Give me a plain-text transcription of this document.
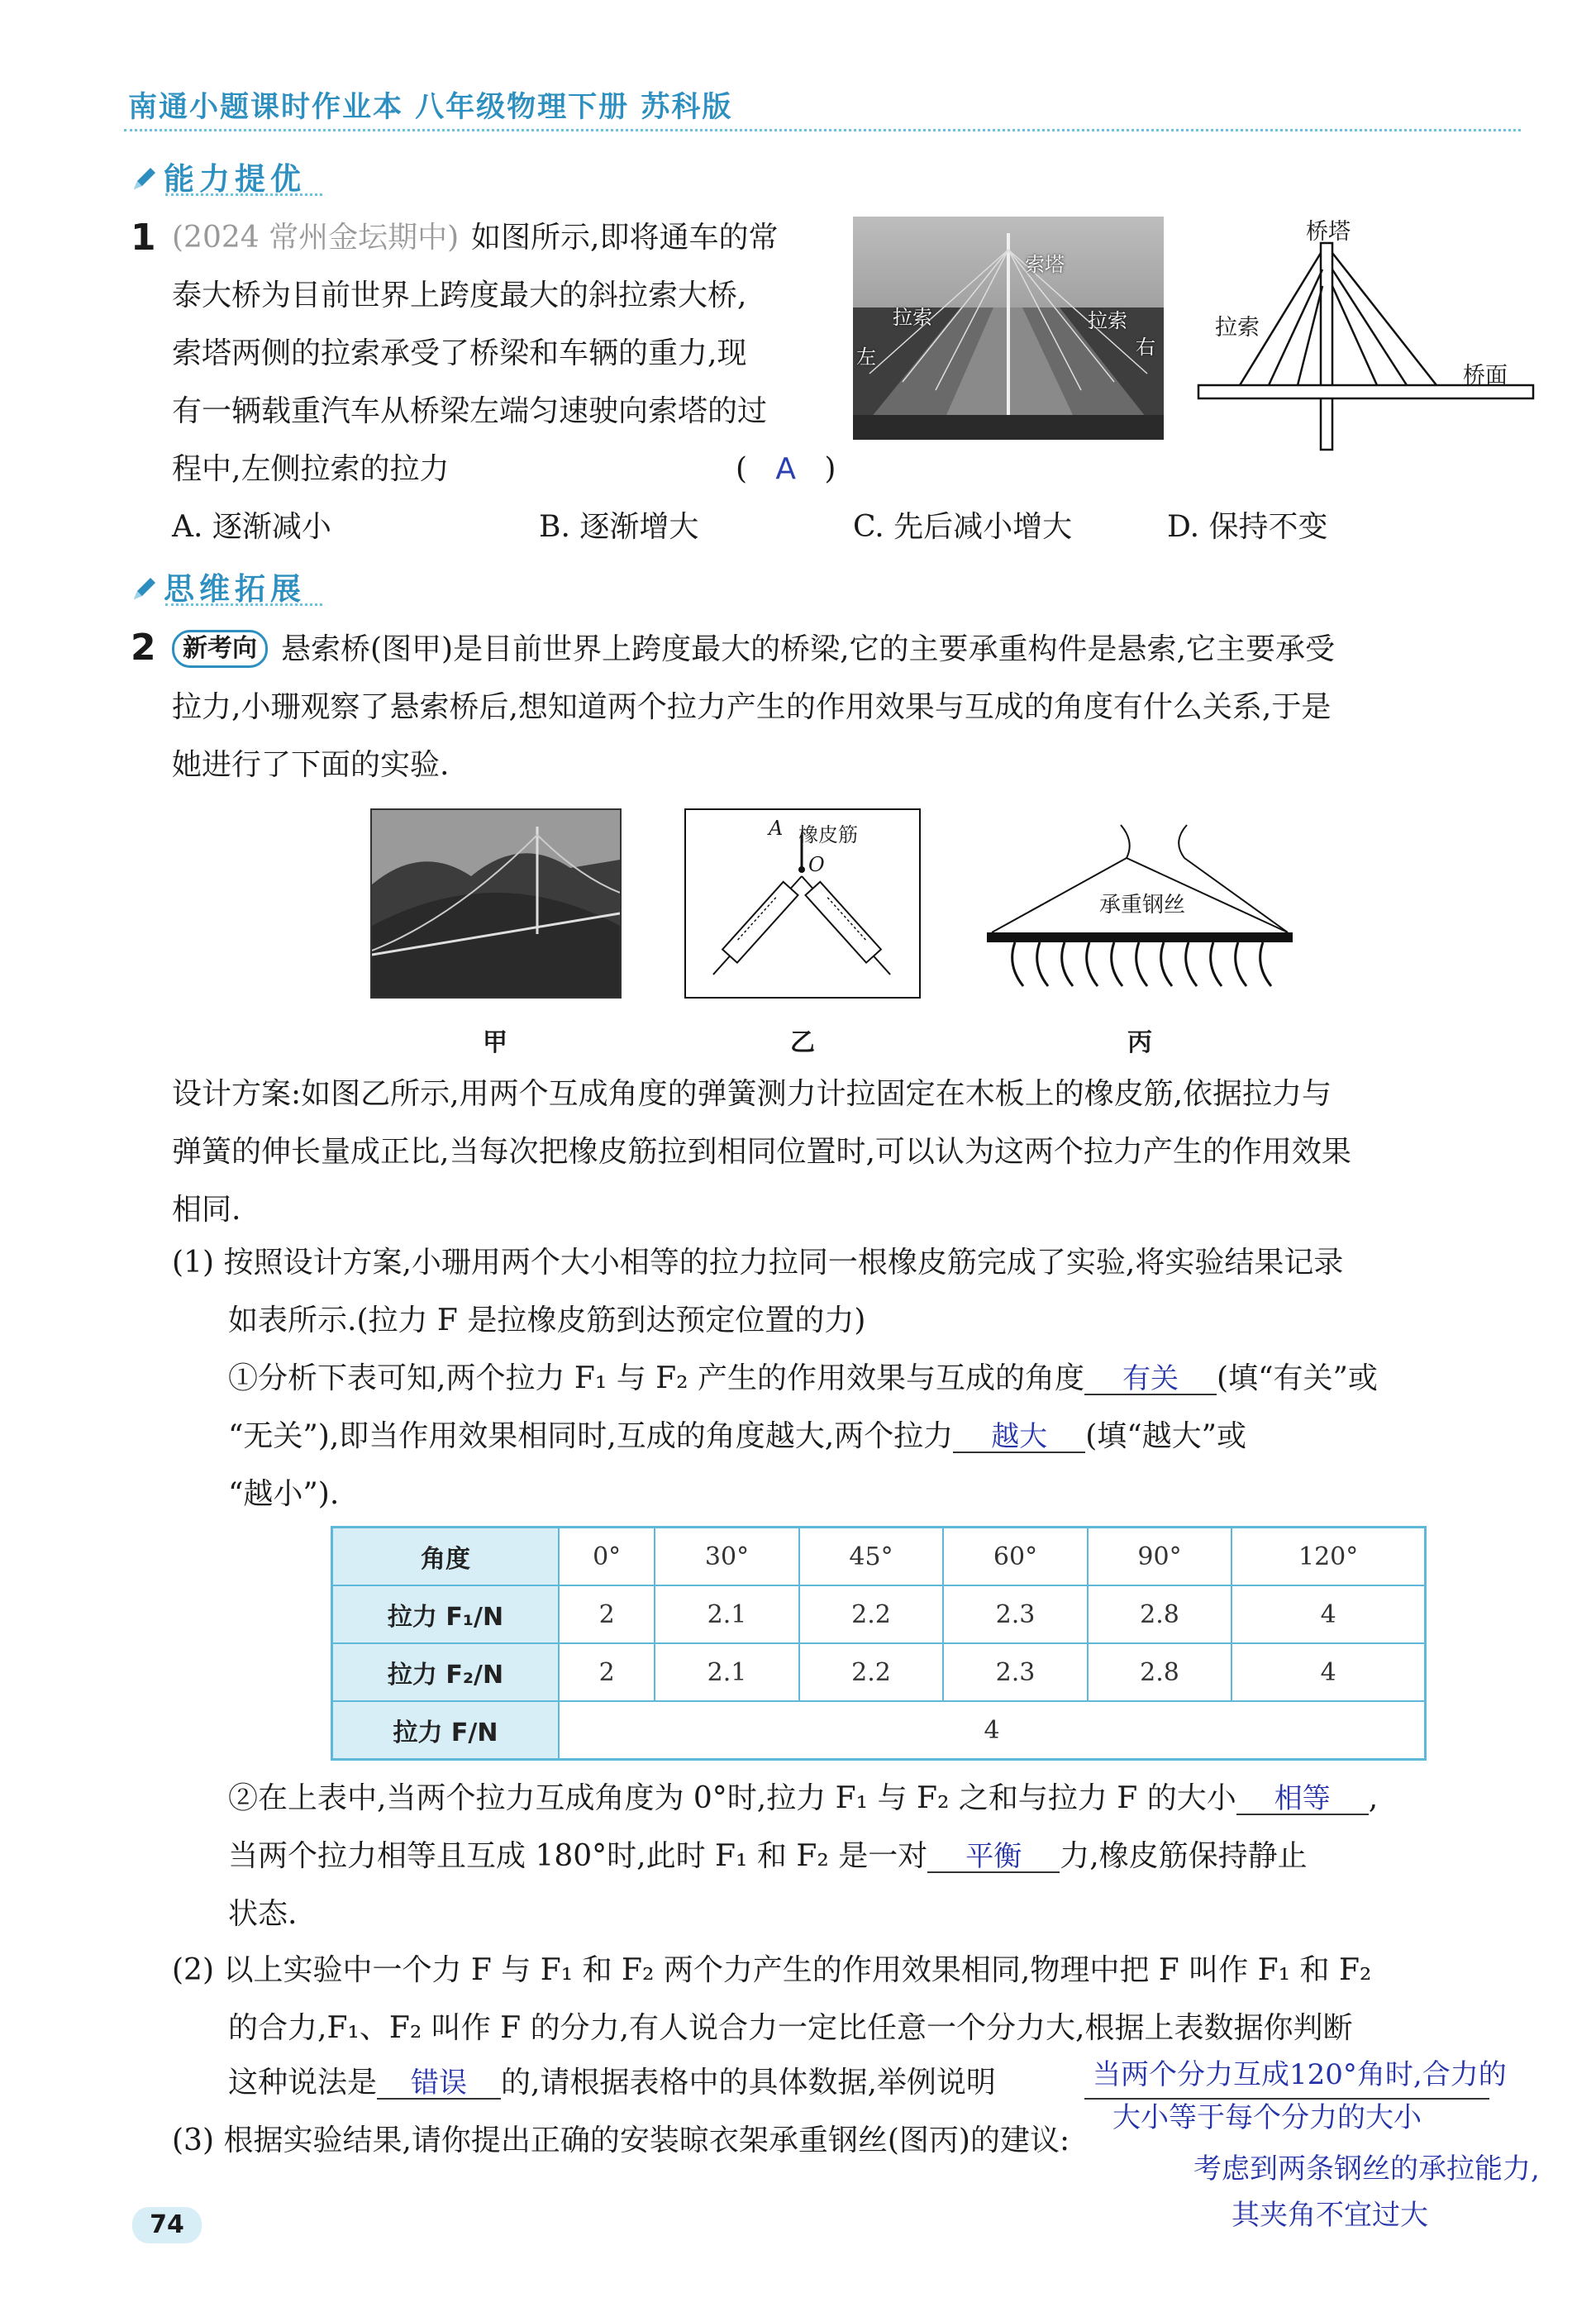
南通小题课时作业本 八年级物理下册 苏科版
能力提优
1 (2024 常州金坛期中) 如图所示,即将通车的常
泰大桥为目前世界上跨度最大的斜拉索大桥,
索塔两侧的拉索承受了桥梁和车辆的重力,现
有一辆载重汽车从桥梁左端匀速驶向索塔的过
程中,左侧拉索的拉力	(   A   )
索塔
拉索	拉索
左	右
桥塔
拉索
桥面
A. 逐渐减小	B. 逐渐增大	C. 先后减小增大	D. 保持不变
思维拓展
2	新考向 悬索桥(图甲)是目前世界上跨度最大的桥梁,它的主要承重构件是悬索,它主要承受
拉力,小珊观察了悬索桥后,想知道两个拉力产生的作用效果与互成的角度有什么关系,于是
她进行了下面的实验.
A 橡皮筋
O
承重钢丝
甲	乙	丙
设计方案:如图乙所示,用两个互成角度的弹簧测力计拉固定在木板上的橡皮筋,依据拉力与
弹簧的伸长量成正比,当每次把橡皮筋拉到相同位置时,可以认为这两个拉力产生的作用效果
相同.
(1) 按照设计方案,小珊用两个大小相等的拉力拉同一根橡皮筋完成了实验,将实验结果记录
如表所示.(拉力 F 是拉橡皮筋到达预定位置的力)
①分析下表可知,两个拉力 F₁ 与 F₂ 产生的作用效果与互成的角度 有关 (填“有关”或
“无关”),即当作用效果相同时,互成的角度越大,两个拉力 越大 (填“越大”或
“越小”).
角度	0°	30°	45°	60°	90°	120°
拉力 F₁/N	2	2.1	2.2	2.3	2.8	4
拉力 F₂/N	2	2.1	2.2	2.3	2.8	4
拉力 F/N	4					
②在上表中,当两个拉力互成角度为 0°时,拉力 F₁ 与 F₂ 之和与拉力 F 的大小 相等 ,
当两个拉力相等且互成 180°时,此时 F₁ 和 F₂ 是一对 平衡 力,橡皮筋保持静止
状态.
(2) 以上实验中一个力 F 与 F₁ 和 F₂ 两个力产生的作用效果相同,物理中把 F 叫作 F₁ 和 F₂
的合力,F₁、F₂ 叫作 F 的分力,有人说合力一定比任意一个分力大,根据上表数据你判断
这种说法是 错误 的,请根据表格中的具体数据,举例说明	当两个分力互成120°角时,合力的
大小等于每个分力的大小
(3) 根据实验结果,请你提出正确的安装晾衣架承重钢丝(图丙)的建议:
考虑到两条钢丝的承拉能力,
其夹角不宜过大
74
